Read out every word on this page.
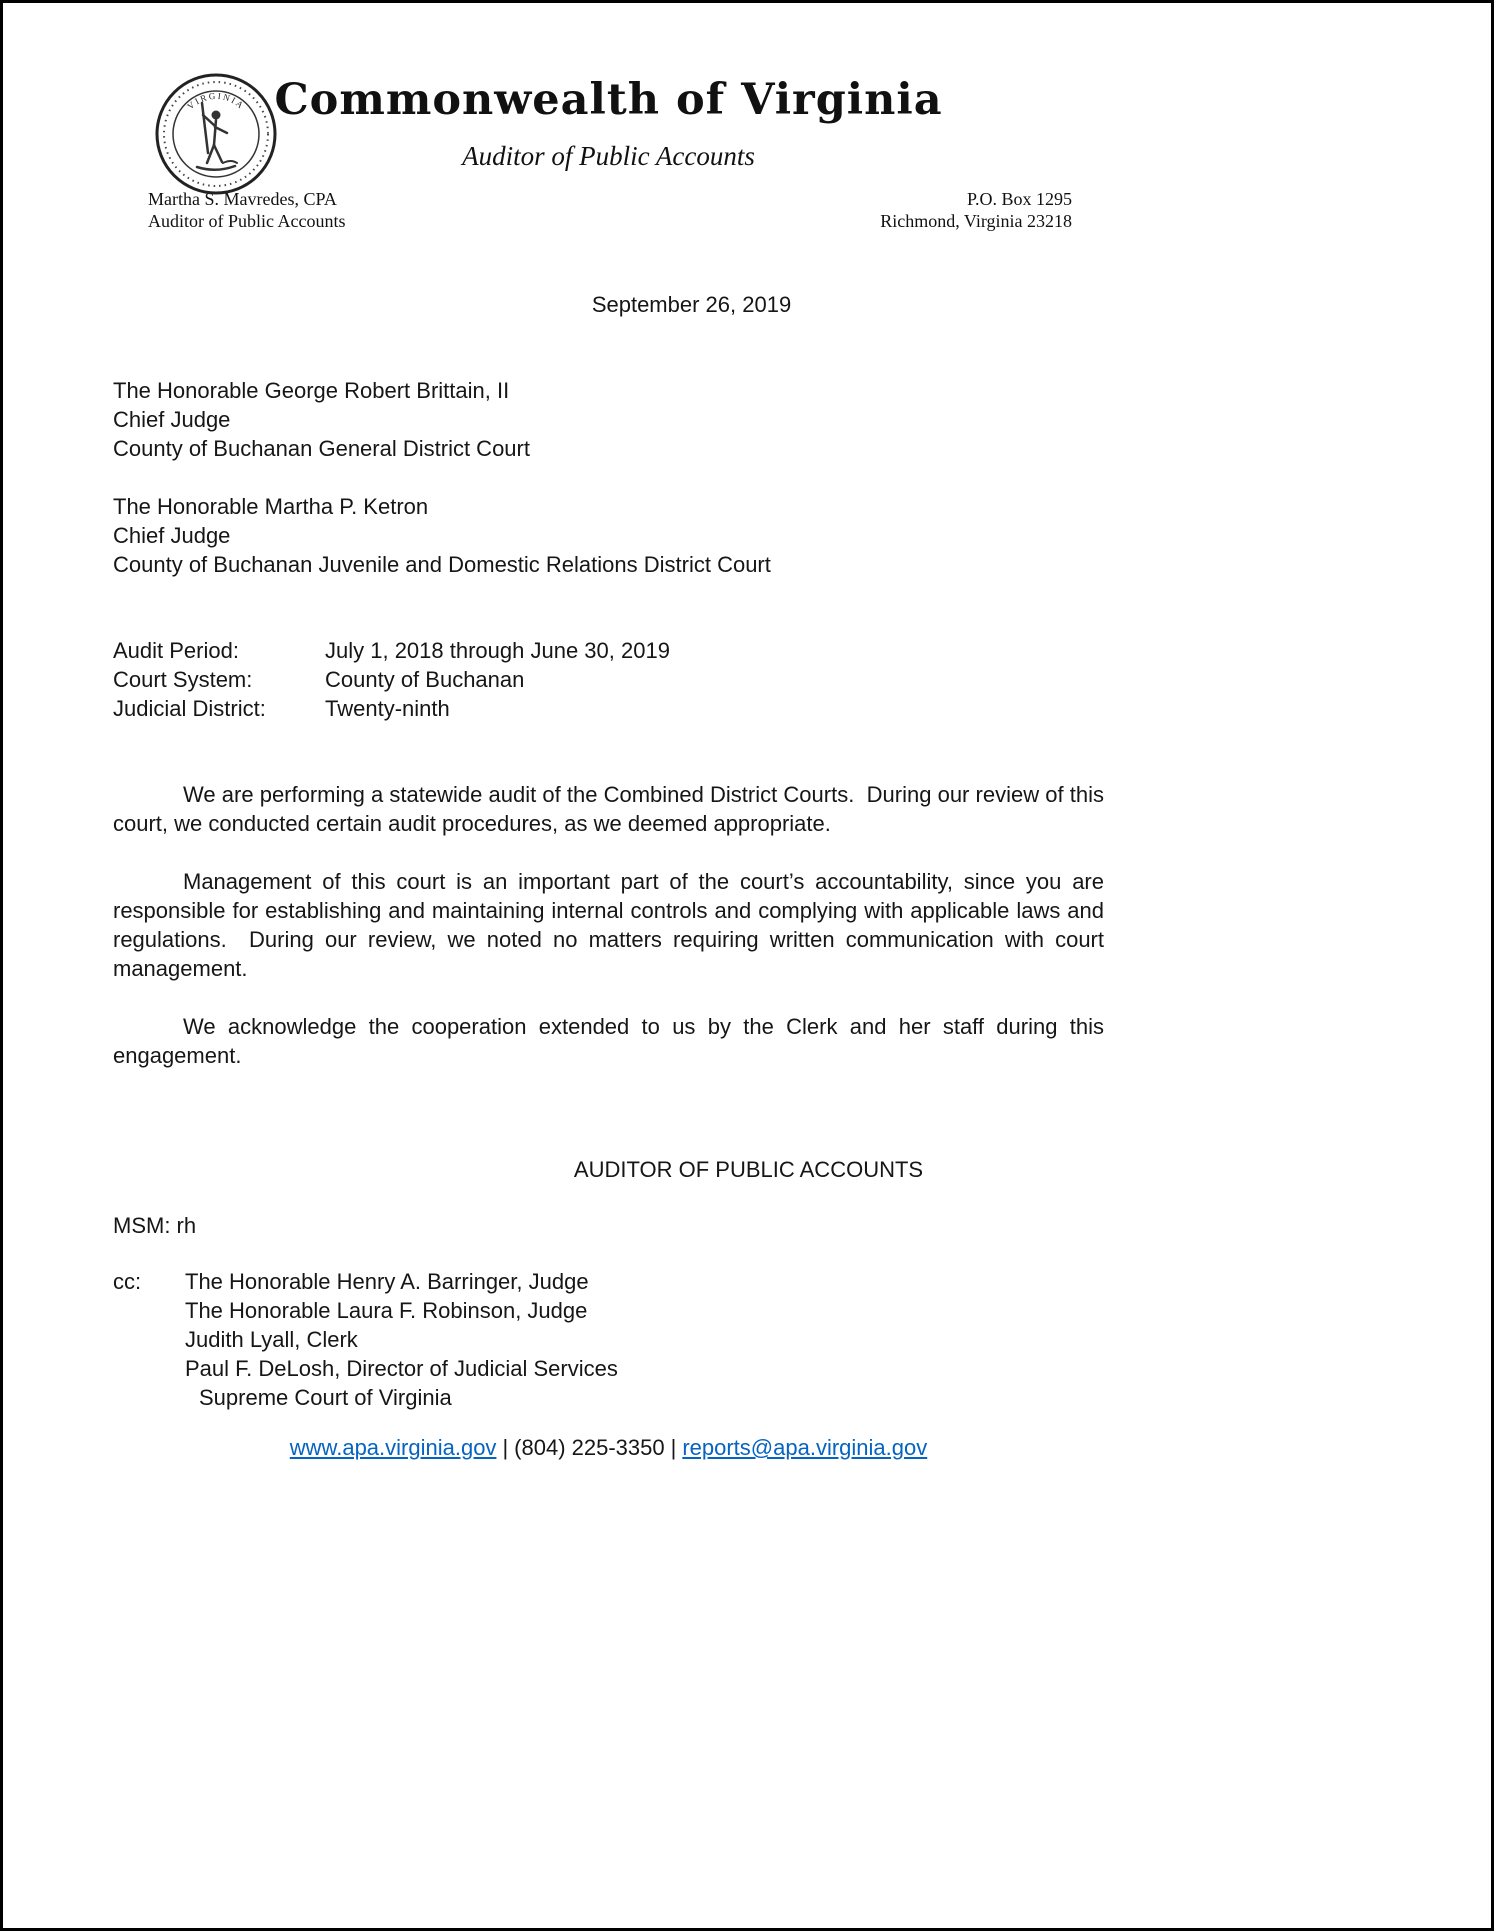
VIRGINIA Commonwealth of Virginia
Auditor of Public Accounts
Martha S. Mavredes, CPA
Auditor of Public Accounts
P.O. Box 1295
Richmond, Virginia 23218
September 26, 2019
The Honorable George Robert Brittain, II
Chief Judge
County of Buchanan General District Court
The Honorable Martha P. Ketron
Chief Judge
County of Buchanan Juvenile and Domestic Relations District Court
Audit Period:	July 1, 2018 through June 30, 2019
Court System:	County of Buchanan
Judicial District:	Twenty-ninth

We are performing a statewide audit of the Combined District Courts.  During our review of this court, we conducted certain audit procedures, as we deemed appropriate.

Management of this court is an important part of the court’s accountability, since you are responsible for establishing and maintaining internal controls and complying with applicable laws and regulations.  During our review, we noted no matters requiring written communication with court management.

We acknowledge the cooperation extended to us by the Clerk and her staff during this engagement.

AUDITOR OF PUBLIC ACCOUNTS
MSM: rh
cc:	The Honorable Henry A. Barringer, Judge
The Honorable Laura F. Robinson, Judge
Judith Lyall, Clerk
Paul F. DeLosh, Director of Judicial Services
Supreme Court of Virginia
www.apa.virginia.gov | (804) 225-3350 | reports@apa.virginia.gov
